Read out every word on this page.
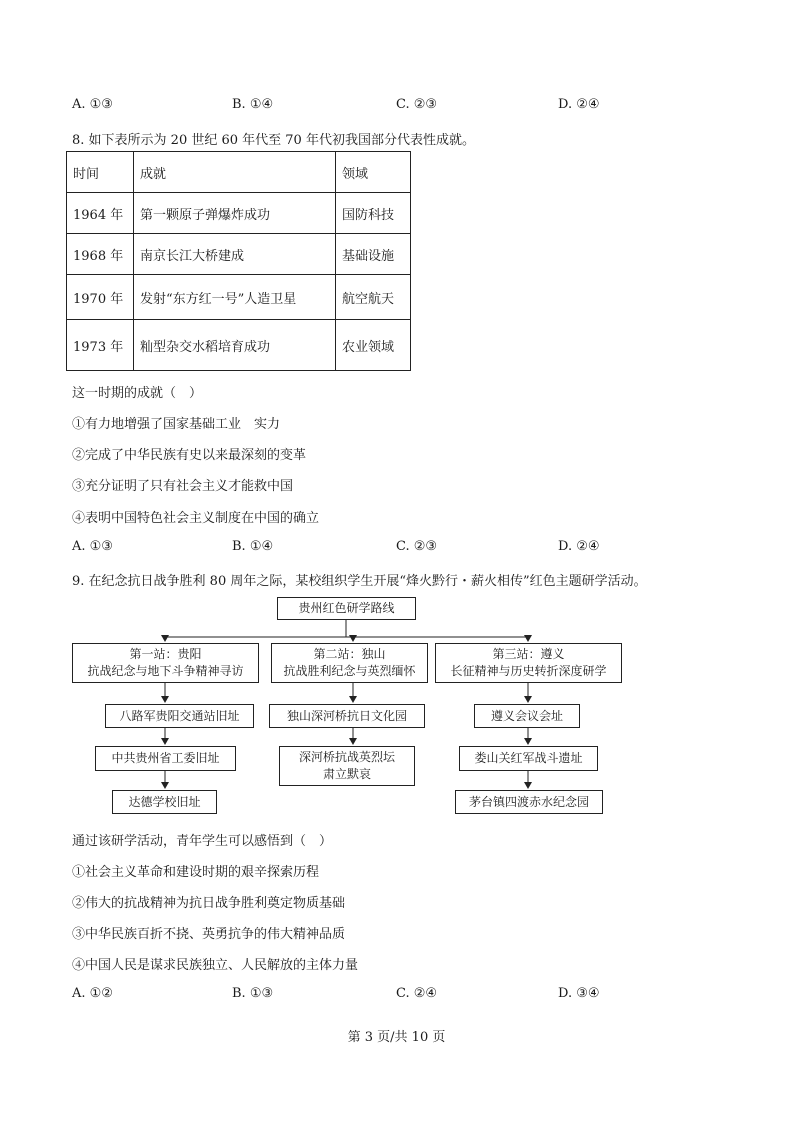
A. ①③	B. ①④	C. ②③	D. ②④
8. 如下表所示为 20 世纪 60 年代至 70 年代初我国部分代表性成就。
时间	成就	领域
1964 年	第一颗原子弹爆炸成功	国防科技
1968 年	南京长江大桥建成	基础设施
1970 年	发射“东方红一号”人造卫星	航空航天
1973 年	籼型杂交水稻培育成功	农业领域
这一时期的成就（　）
①有力地增强了国家基础工业　实力
②完成了中华民族有史以来最深刻的变革
③充分证明了只有社会主义才能救中国
④表明中国特色社会主义制度在中国的确立
A. ①③	B. ①④	C. ②③	D. ②④
9. 在纪念抗日战争胜利 80 周年之际，某校组织学生开展“烽火黔行・薪火相传”红色主题研学活动。
贵州红色研学路线
第一站：贵阳
抗战纪念与地下斗争精神寻访
第二站：独山
抗战胜利纪念与英烈缅怀
第三站：遵义
长征精神与历史转折深度研学
八路军贵阳交通站旧址
中共贵州省工委旧址
达德学校旧址
独山深河桥抗日文化园
深河桥抗战英烈坛
肃立默哀
遵义会议会址
娄山关红军战斗遗址
茅台镇四渡赤水纪念园
通过该研学活动，青年学生可以感悟到（　）
①社会主义革命和建设时期的艰辛探索历程
②伟大的抗战精神为抗日战争胜利奠定物质基础
③中华民族百折不挠、英勇抗争的伟大精神品质
④中国人民是谋求民族独立、人民解放的主体力量
A. ①②	B. ①③	C. ②④	D. ③④
第 3 页/共 10 页
